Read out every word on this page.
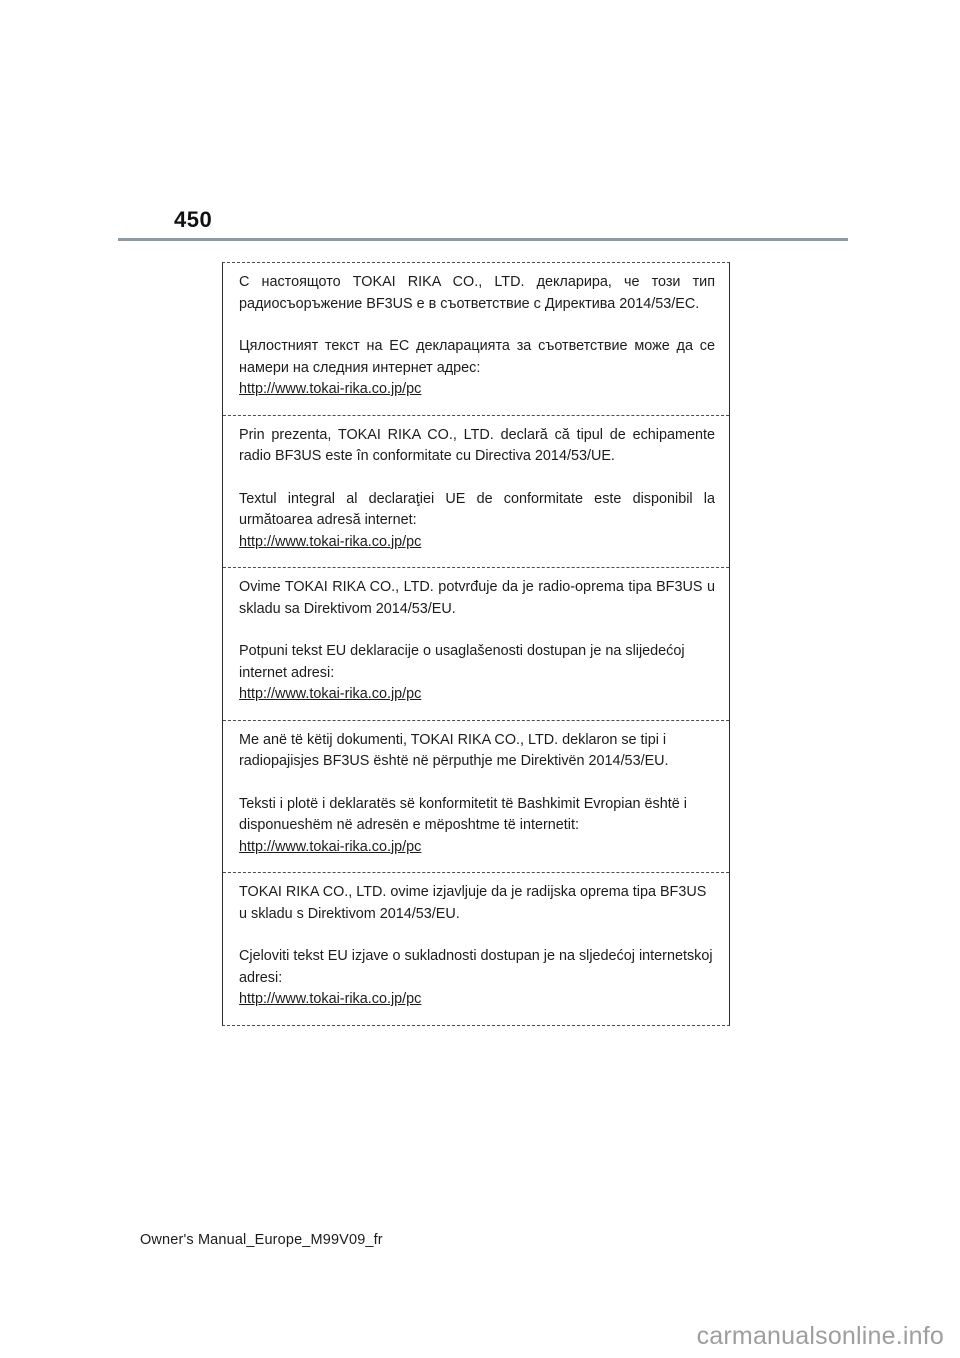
450

С настоящото TOKAI RIKA CO., LTD. декларира, че този тип радиосъоръжение BF3US е в съответствие с Директива 2014/53/ЕC.

Цялостният текст на ЕС декларацията за съответствие може да се намери на следния интернет адрес:

http://www.tokai-rika.co.jp/pc

Prin prezenta, TOKAI RIKA CO., LTD. declară că tipul de echipamente radio BF3US este în conformitate cu Directiva 2014/53/UE.

Textul integral al declaraţiei UE de conformitate este disponibil la următoarea adresă internet:

http://www.tokai-rika.co.jp/pc

Ovime TOKAI RIKA CO., LTD. potvrđuje da je radio-oprema tipa BF3US u skladu sa Direktivom 2014/53/EU.

Potpuni tekst EU deklaracije o usaglašenosti dostupan je na slijedećoj internet adresi:

http://www.tokai-rika.co.jp/pc

Me anë të këtij dokumenti, TOKAI RIKA CO., LTD. deklaron se tipi i radiopajisjes BF3US është në përputhje me Direktivën 2014/53/EU.

Teksti i plotë i deklaratës së konformitetit të Bashkimit Evropian është i disponueshëm në adresën e mëposhtme të internetit:

http://www.tokai-rika.co.jp/pc

TOKAI RIKA CO., LTD. ovime izjavljuje da je radijska oprema tipa BF3US u skladu s Direktivom 2014/53/EU.

Cjeloviti tekst EU izjave o sukladnosti dostupan je na sljedećoj internetskoj adresi:

http://www.tokai-rika.co.jp/pc
Owner's Manual_Europe_M99V09_fr
carmanualsonline.info
